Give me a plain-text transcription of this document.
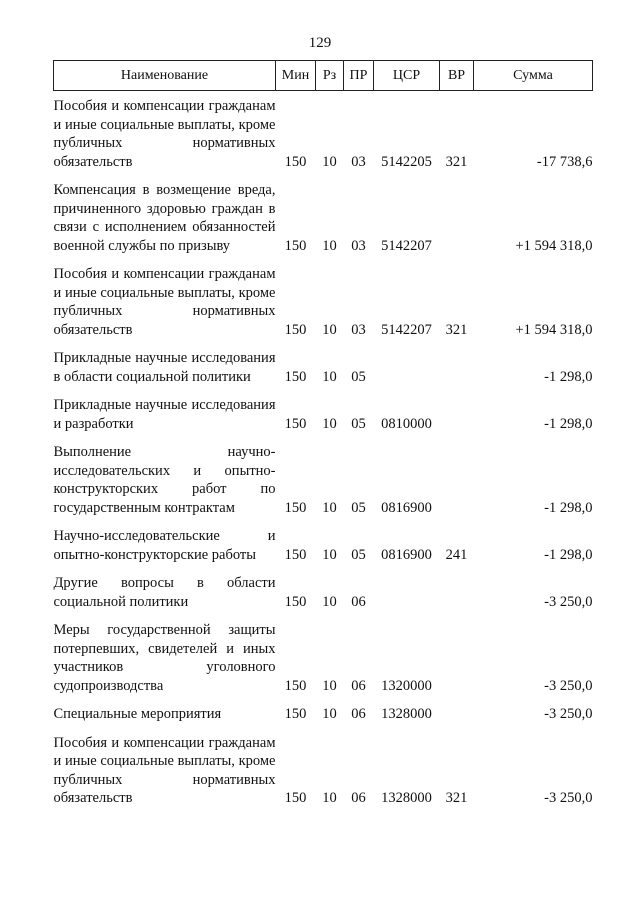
129
Наименование	Мин	Рз	ПР	ЦСР	ВР	Сумма
Пособия и компенсации гражданам и иные социальные выплаты, кроме публичных нормативных обязательств	150	10	03	5142205	321	-17 738,6
Компенсация в возмещение вреда, причиненного здоровью граждан в связи с исполнением обязанностей военной службы по призыву	150	10	03	5142207		+1 594 318,0
Пособия и компенсации гражданам и иные социальные выплаты, кроме публичных нормативных обязательств	150	10	03	5142207	321	+1 594 318,0
Прикладные научные исследования в области социальной политики	150	10	05			-1 298,0
Прикладные научные исследования и разработки	150	10	05	0810000		-1 298,0
Выполнение научно-исследовательских и опытно-конструкторских работ по государственным контрактам	150	10	05	0816900		-1 298,0
Научно-исследовательские и опытно-конструкторские работы	150	10	05	0816900	241	-1 298,0
Другие вопросы в области социальной политики	150	10	06			-3 250,0
Меры государственной защиты потерпевших, свидетелей и иных участников уголовного судопроизводства	150	10	06	1320000		-3 250,0
Специальные мероприятия	150	10	06	1328000		-3 250,0
Пособия и компенсации гражданам и иные социальные выплаты, кроме публичных нормативных обязательств	150	10	06	1328000	321	-3 250,0
